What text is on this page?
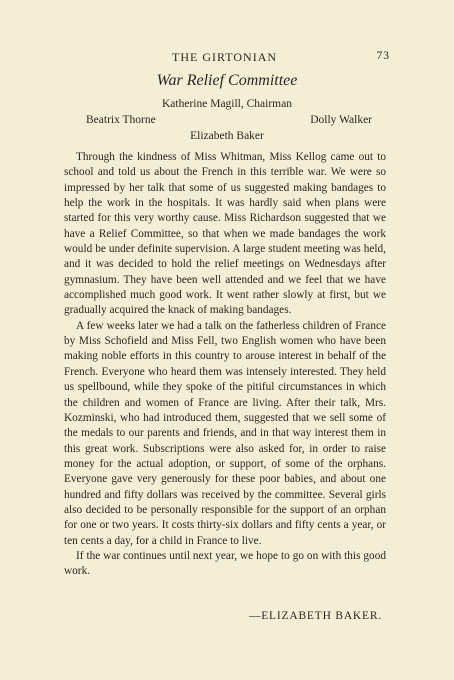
THE GIRTONIAN	73
War Relief Committee
Katherine Magill, Chairman
Beatrix Thorne	Dolly Walker
Elizabeth Baker

Through the kindness of Miss Whitman, Miss Kellog came out to school and told us about the French in this terrible war. We were so impressed by her talk that some of us suggested making bandages to help the work in the hospitals. It was hardly said when plans were started for this very worthy cause. Miss Richardson suggested that we have a Relief Committee, so that when we made bandages the work would be under definite supervision. A large student meeting was held, and it was decided to hold the relief meetings on Wednesdays after gymnasium. They have been well attended and we feel that we have accomplished much good work. It went rather slowly at first, but we gradually acquired the knack of making bandages.

A few weeks later we had a talk on the fatherless children of France by Miss Schofield and Miss Fell, two English women who have been making noble efforts in this country to arouse interest in behalf of the French. Everyone who heard them was intensely interested. They held us spellbound, while they spoke of the pitiful circumstances in which the children and women of France are living. After their talk, Mrs. Kozminski, who had introduced them, suggested that we sell some of the medals to our parents and friends, and in that way interest them in this great work. Subscriptions were also asked for, in order to raise money for the actual adoption, or support, of some of the orphans. Everyone gave very generously for these poor babies, and about one hundred and fifty dollars was received by the committee. Several girls also decided to be personally responsible for the support of an orphan for one or two years. It costs thirty-six dollars and fifty cents a year, or ten cents a day, for a child in France to live.

If the war continues until next year, we hope to go on with this good work.

—ELIZABETH BAKER.
